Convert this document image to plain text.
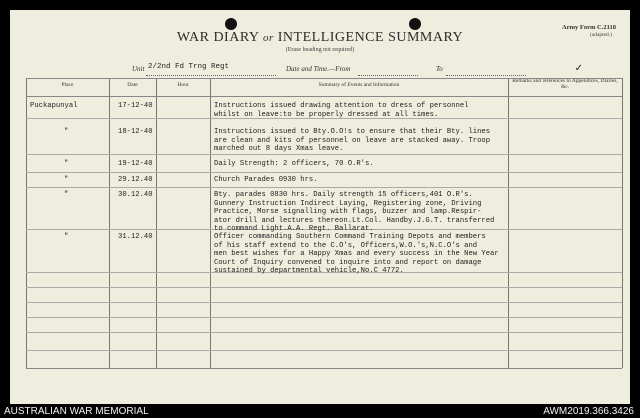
WAR DIARY or INTELLIGENCE SUMMARY
(Erase heading not required)
Army Form C.2118
(adapted.)
✓
Unit 2/2nd Fd Trng Regt	Date and Time.—From	To
Place	Date	Hour	Summary of Events and Information
Remarks and references to Appendices, Diaries, &c.
Puckapunyal	17-12-40	Instructions issued drawing attention to dress of personnel
whilst on leave:to be properly dressed at all times.
"	18-12-40	Instructions issued to Bty.O.O!s to ensure that their Bty. lines
are clean and kits of personnel on leave are stacked away. Troop
marched out 8 days Xmas leave.
"	19-12-40	Daily Strength: 2 officers, 70 O.R's.
"	29.12.40	Church Parades 0930 hrs.
"	30.12.40	Bty. parades 0830 hrs. Daily strength 15 officers,401 O.R's.
Gunnery Instruction Indirect Laying, Registering zone, Driving
Practice, Morse signalling with flags, buzzer and lamp.Respir-
ator drill and lectures thereon.Lt.Col. Handby.J.G.T. transferred
to command Light.A.A. Regt. Ballarat.
"	31.12.40	Officer commanding Southern Command Training Depots and members
of his staff extend to the C.O's, Officers,W.O.'s,N.C.O's and
men best wishes for a Happy Xmas and every success in the New Year
Court of Inquiry convened to inquire into and report on damage
sustained by departmental vehicle,No.C 4772.
AUSTRALIAN WAR MEMORIAL	AWM2019.366.3426
